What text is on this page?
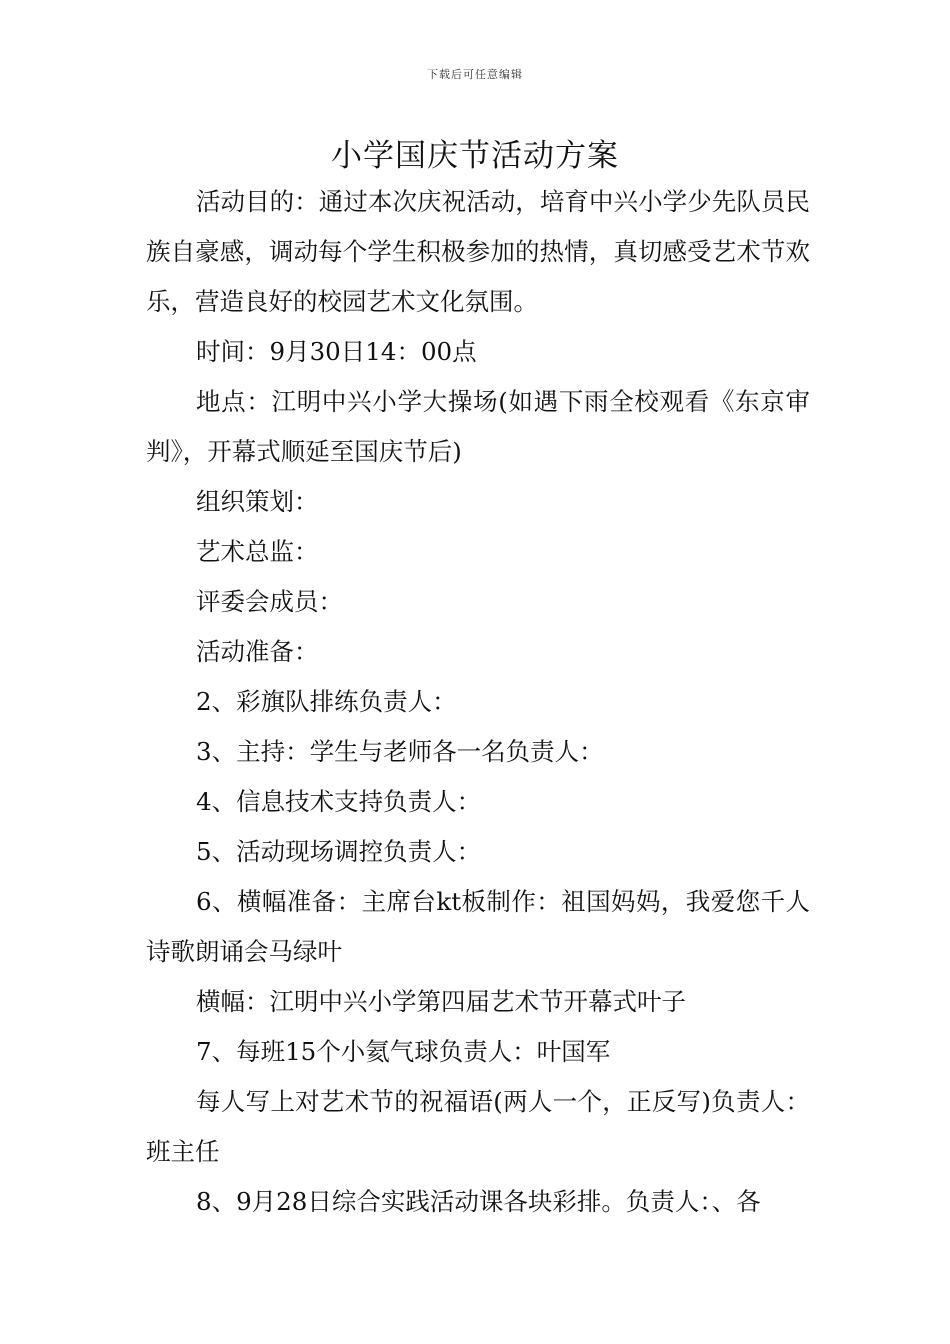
下载后可任意编辑
小学国庆节活动方案

活动目的：通过本次庆祝活动，培育中兴小学少先队员民族自豪感，调动每个学生积极参加的热情，真切感受艺术节欢乐，营造良好的校园艺术文化氛围。

时间：9月30日14：00点

地点：江明中兴小学大操场(如遇下雨全校观看《东京审判》，开幕式顺延至国庆节后)

组织策划：

艺术总监：

评委会成员：

活动准备：

2、彩旗队排练负责人：

3、主持：学生与老师各一名负责人：

4、信息技术支持负责人：

5、活动现场调控负责人：

6、横幅准备：主席台kt板制作：祖国妈妈，我爱您千人诗歌朗诵会马绿叶

横幅：江明中兴小学第四届艺术节开幕式叶子

7、每班15个小氦气球负责人：叶国军

每人写上对艺术节的祝福语(两人一个，正反写)负责人：班主任

8、9月28日综合实践活动课各块彩排。负责人：、各
